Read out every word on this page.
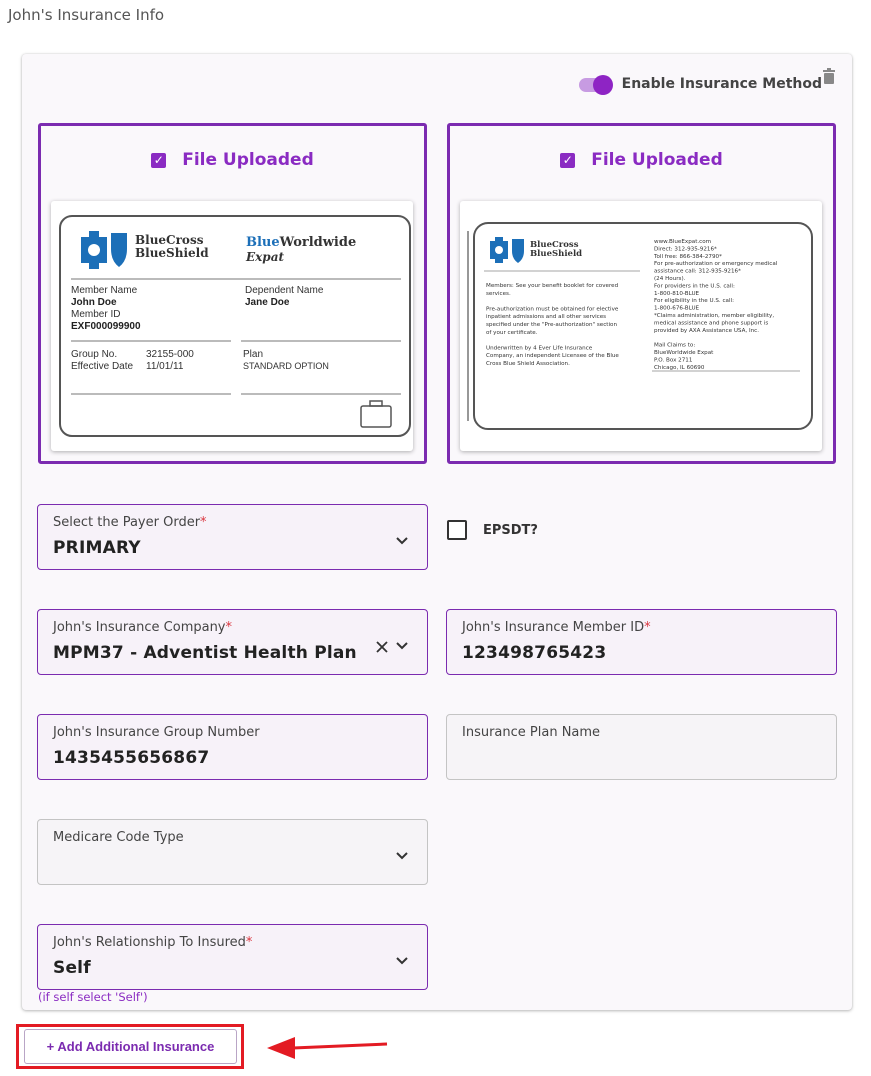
John's Insurance Info
Enable Insurance Method
✓ File Uploaded
BlueCross
BlueShield
BlueWorldwide
Expat
Member Name
John Doe
Member ID
EXF000099900
Dependent Name
Jane Doe
Group No.	32155-000
Effective Date 11/01/11
Plan
STANDARD OPTION
✓ File Uploaded
BlueCross
BlueShield
Members: See your benefit booklet for covered
services.
Pre-authorization must be obtained for elective
inpatient admissions and all other services
specified under the "Pre-authorization" section
of your certificate.
Underwritten by 4 Ever Life Insurance
Company, an independent Licensee of the Blue
Cross Blue Shield Association.
www.BlueExpat.com
Direct: 312-935-9216*
Toll free: 866-384-2790*
For pre-authorization or emergency medical
assistance call: 312-935-9216*
(24 Hours).
For providers in the U.S. call:
1-800-810-BLUE
For eligibility in the U.S. call:
1-800-676-BLUE
*Claims administration, member eligibility,
medical assistance and phone support is
provided by AXA Assistance USA, Inc.
Mail Claims to:
BlueWorldwide Expat
P.O. Box 2711
Chicago, IL 60690
Select the Payer Order*
PRIMARY
EPSDT?
John's Insurance Company*
MPM37 - Adventist Health Plan
John's Insurance Member ID*
123498765423
John's Insurance Group Number
1435455656867
Insurance Plan Name
Medicare Code Type
John's Relationship To Insured*
Self
(if self select 'Self')
+ Add Additional Insurance
